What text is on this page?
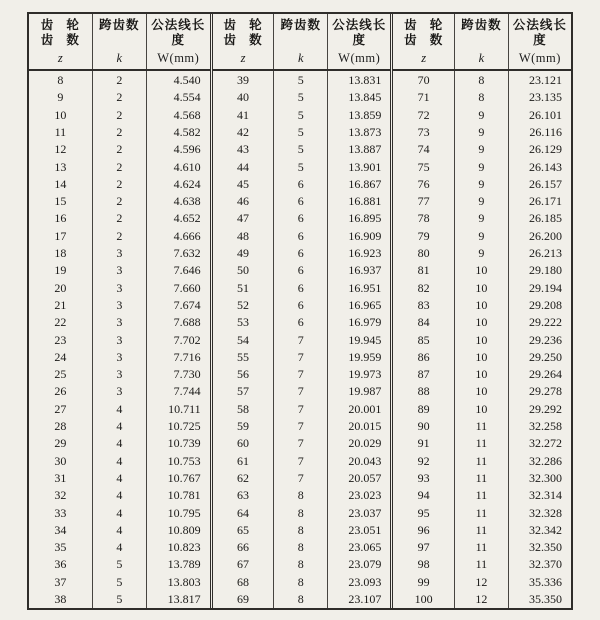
齿 轮
齿 数
z

跨齿数
k

公法线长度
W(mm)

8	2	4.540
9	2	4.554
10	2	4.568
11	2	4.582
12	2	4.596
13	2	4.610
14	2	4.624
15	2	4.638
16	2	4.652
17	2	4.666
18	3	7.632
19	3	7.646
20	3	7.660
21	3	7.674
22	3	7.688
23	3	7.702
24	3	7.716
25	3	7.730
26	3	7.744
27	4	10.711
28	4	10.725
29	4	10.739
30	4	10.753
31	4	10.767
32	4	10.781
33	4	10.795
34	4	10.809
35	4	10.823
36	5	13.789
37	5	13.803
38	5	13.817
齿 轮
齿 数
z

跨齿数
k

公法线长度
W(mm)

39	5	13.831
40	5	13.845
41	5	13.859
42	5	13.873
43	5	13.887
44	5	13.901
45	6	16.867
46	6	16.881
47	6	16.895
48	6	16.909
49	6	16.923
50	6	16.937
51	6	16.951
52	6	16.965
53	6	16.979
54	7	19.945
55	7	19.959
56	7	19.973
57	7	19.987
58	7	20.001
59	7	20.015
60	7	20.029
61	7	20.043
62	7	20.057
63	8	23.023
64	8	23.037
65	8	23.051
66	8	23.065
67	8	23.079
68	8	23.093
69	8	23.107
齿 轮
齿 数
z

跨齿数
k

公法线长度
W(mm)

70	8	23.121
71	8	23.135
72	9	26.101
73	9	26.116
74	9	26.129
75	9	26.143
76	9	26.157
77	9	26.171
78	9	26.185
79	9	26.200
80	9	26.213
81	10	29.180
82	10	29.194
83	10	29.208
84	10	29.222
85	10	29.236
86	10	29.250
87	10	29.264
88	10	29.278
89	10	29.292
90	11	32.258
91	11	32.272
92	11	32.286
93	11	32.300
94	11	32.314
95	11	32.328
96	11	32.342
97	11	32.350
98	11	32.370
99	12	35.336
100	12	35.350
